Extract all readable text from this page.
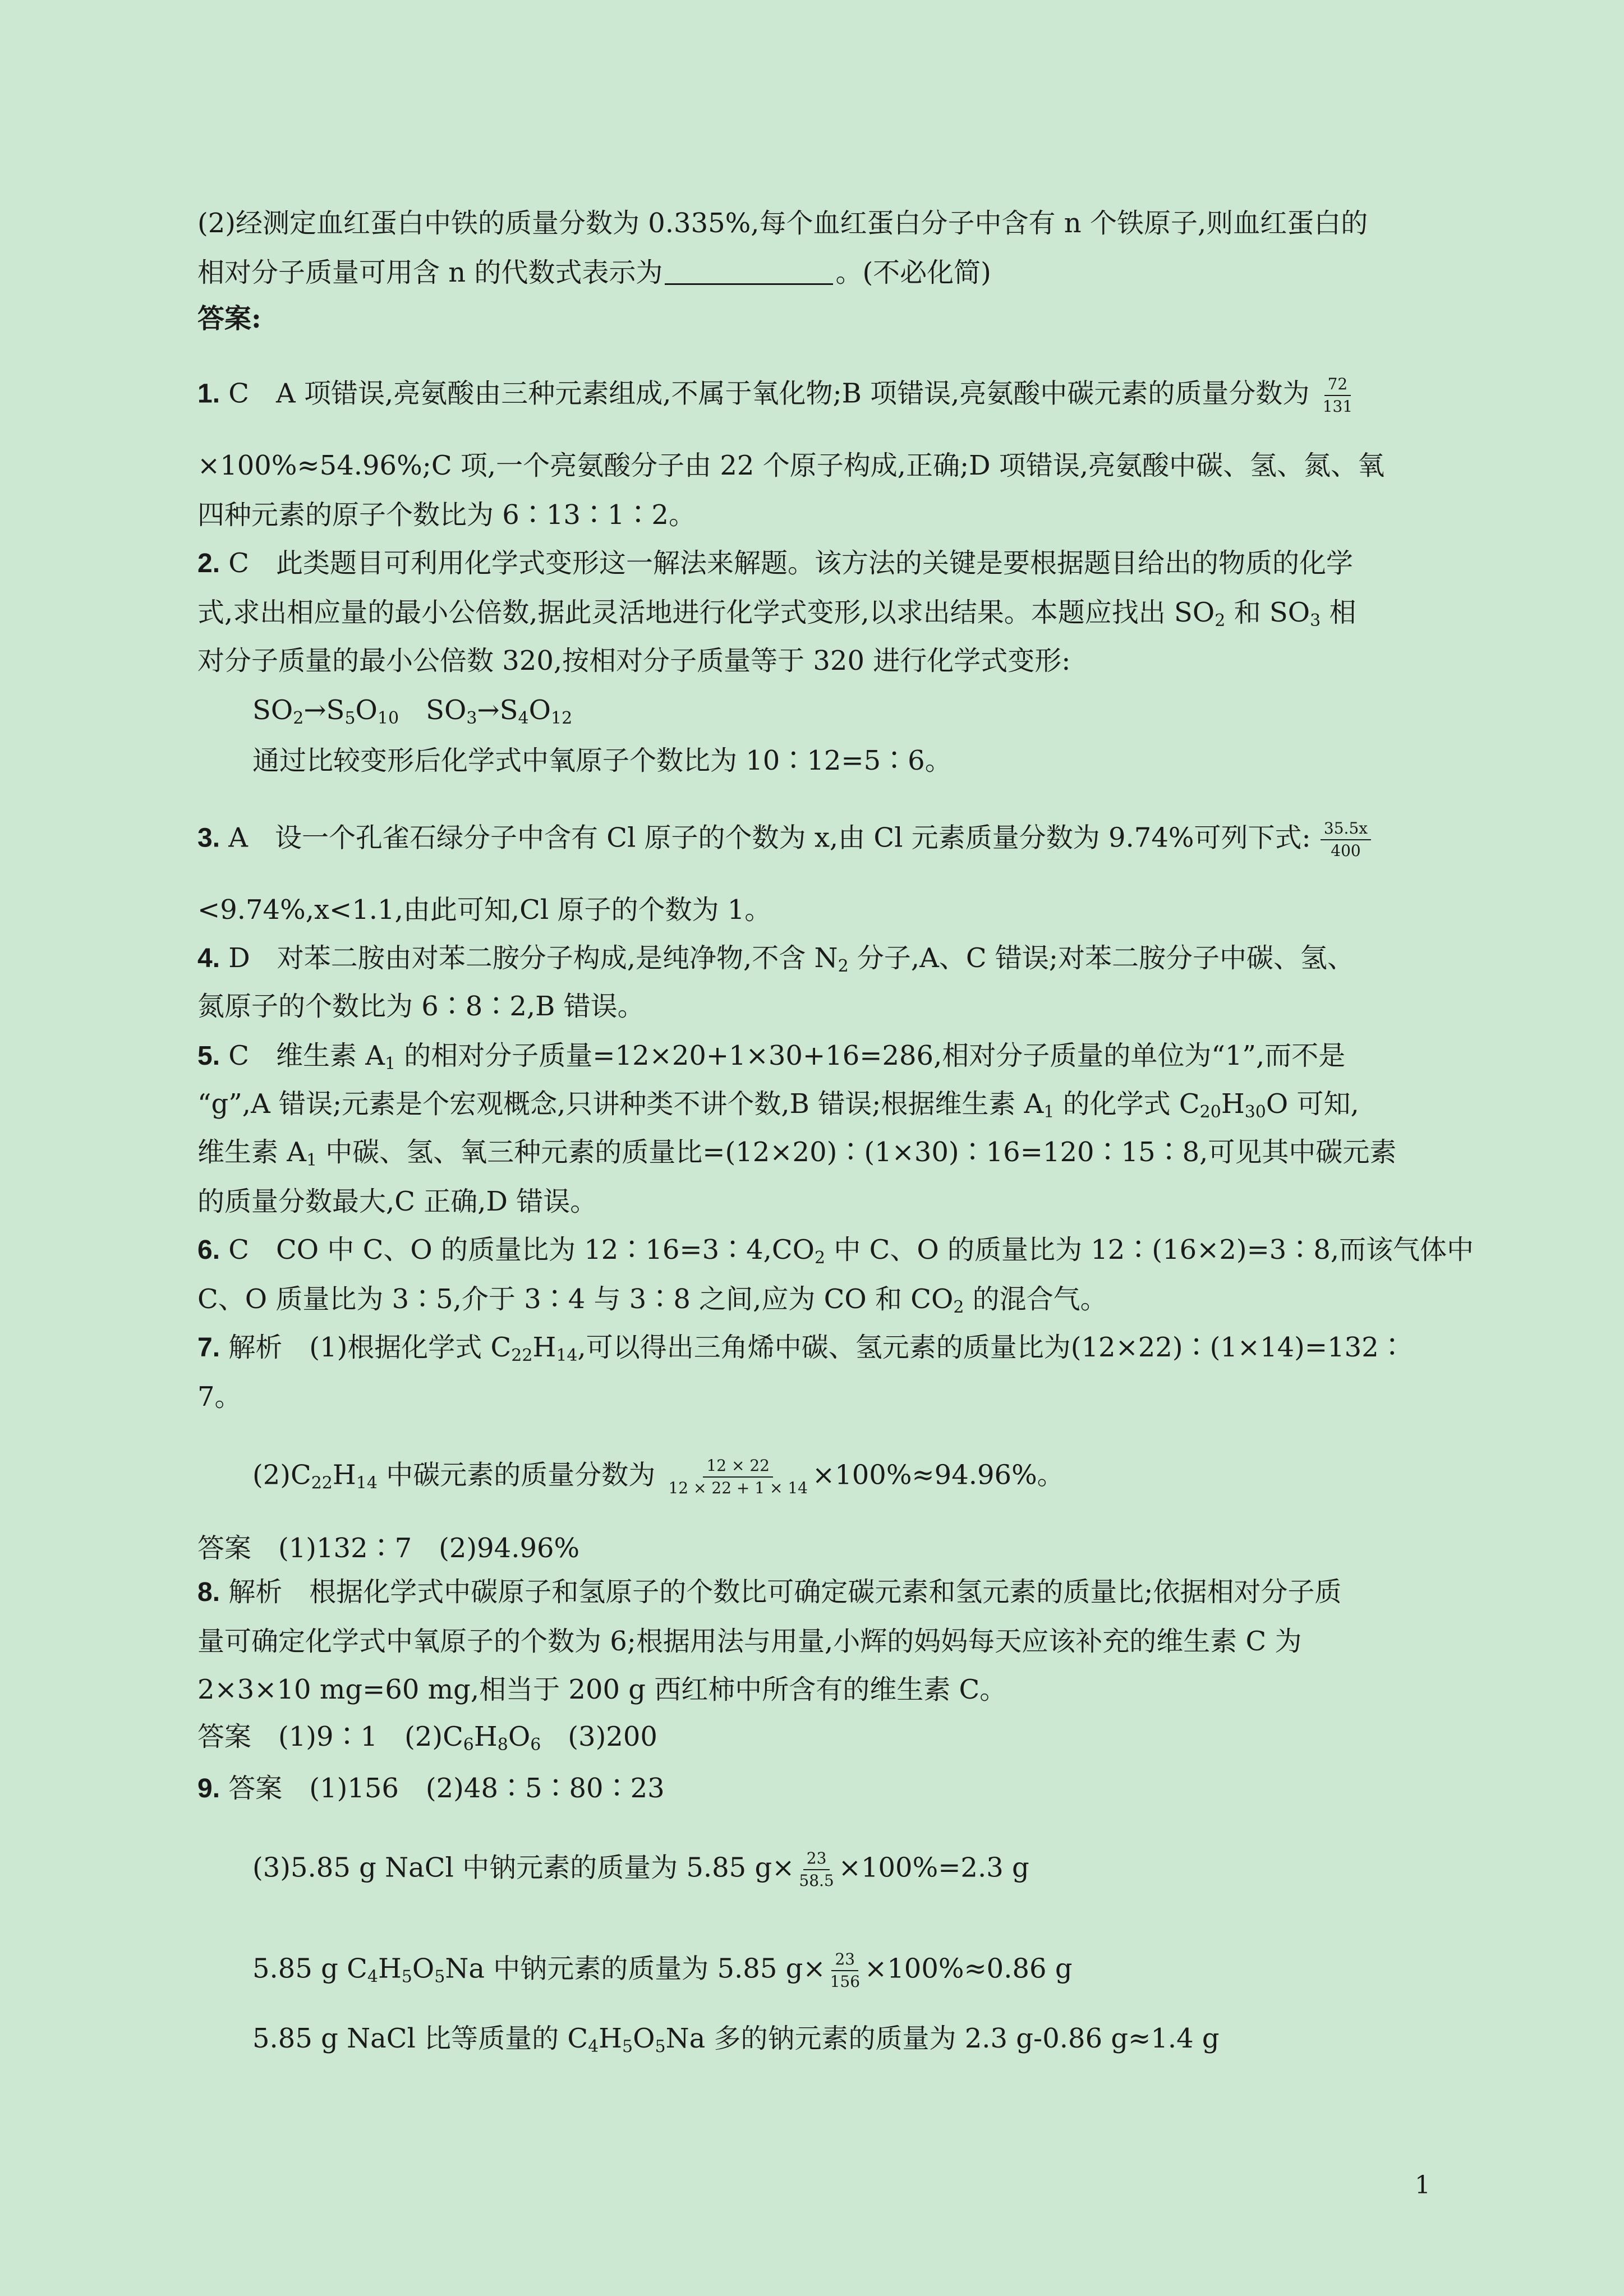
(2)经测定血红蛋白中铁的质量分数为 0.335%,每个血红蛋白分子中含有 n 个铁原子,则血红蛋白的
相对分子质量可用含 n 的代数式表示为	。(不必化简)
答案:
1. C　A 项错误,亮氨酸由三种元素组成,不属于氧化物;B 项错误,亮氨酸中碳元素的质量分数为 $\frac{72}{131}$
×100%≈54.96%;C 项,一个亮氨酸分子由 22 个原子构成,正确;D 项错误,亮氨酸中碳、氢、氮、氧
四种元素的原子个数比为 6∶13∶1∶2。
2. C　此类题目可利用化学式变形这一解法来解题。该方法的关键是要根据题目给出的物质的化学
式,求出相应量的最小公倍数,据此灵活地进行化学式变形,以求出结果。本题应找出 $SO_2$ 和 $SO_3$ 相
对分子质量的最小公倍数 320,按相对分子质量等于 320 进行化学式变形:
$SO_2\to S_5O_{10}$　$SO_3\to S_4O_{12}$
通过比较变形后化学式中氧原子个数比为 10∶12=5∶6。
3. A　设一个孔雀石绿分子中含有 Cl 原子的个数为 x,由 Cl 元素质量分数为 9.74%可列下式: $\frac{35.5x}{400}$
<9.74%,x<1.1,由此可知,Cl 原子的个数为 1。
4. D　对苯二胺由对苯二胺分子构成,是纯净物,不含 $N_2$ 分子,A、C 错误;对苯二胺分子中碳、氢、
氮原子的个数比为 6∶8∶2,B 错误。
5. C　维生素 $A_1$ 的相对分子质量=12×20+1×30+16=286,相对分子质量的单位为“1”,而不是
“g”,A 错误;元素是个宏观概念,只讲种类不讲个数,B 错误;根据维生素 $A_1$ 的化学式 $C_{20}H_{30}O$ 可知,
维生素 $A_1$ 中碳、氢、氧三种元素的质量比=(12×20)∶(1×30)∶16=120∶15∶8,可见其中碳元素
的质量分数最大,C 正确,D 错误。
6. C　CO 中 C、O 的质量比为 $12∶16=3∶4,CO_2$ 中 C、O 的质量比为 12∶(16×2)=3∶8,而该气体中
C、O 质量比为 3∶5,介于 3∶4 与 3∶8 之间,应为 CO 和 $CO_2$ 的混合气。
7. 解析　(1)根据化学式 $C_{22}H_{14}$,可以得出三角烯中碳、氢元素的质量比为(12×22)∶(1×14)=132∶
7。
$(2)C_{22}H_{14}$ 中碳元素的质量分数为 $\frac{12 \times 22}{12 \times 22 + 1 \times 14} \times 100\%\approx 94.96\%$。
答案　(1)132∶7　(2)94.96%
8. 解析　根据化学式中碳原子和氢原子的个数比可确定碳元素和氢元素的质量比;依据相对分子质
量可确定化学式中氧原子的个数为 6;根据用法与用量,小辉的妈妈每天应该补充的维生素 C 为
2×3×10 mg=60 mg,相当于 200 g 西红柿中所含有的维生素 C。
答案　(1)9∶1　$(2)C_6H_8O_6$　(3)200
9. 答案　(1)156　(2)48∶5∶80∶23
(3)5.85 g NaCl 中钠元素的质量为 5.85 $g\times \frac{23}{58.5} \times 100\%=2.3$ g
5.85 g $C_4H_5O_5Na$ 中钠元素的质量为 5.85 $g\times \frac{23}{156} \times 100\%\approx 0.86$ g
5.85 g NaCl 比等质量的 $C_4H_5O_5Na$ 多的钠元素的质量为 2.3 g-0.86 g≈1.4 g
1
